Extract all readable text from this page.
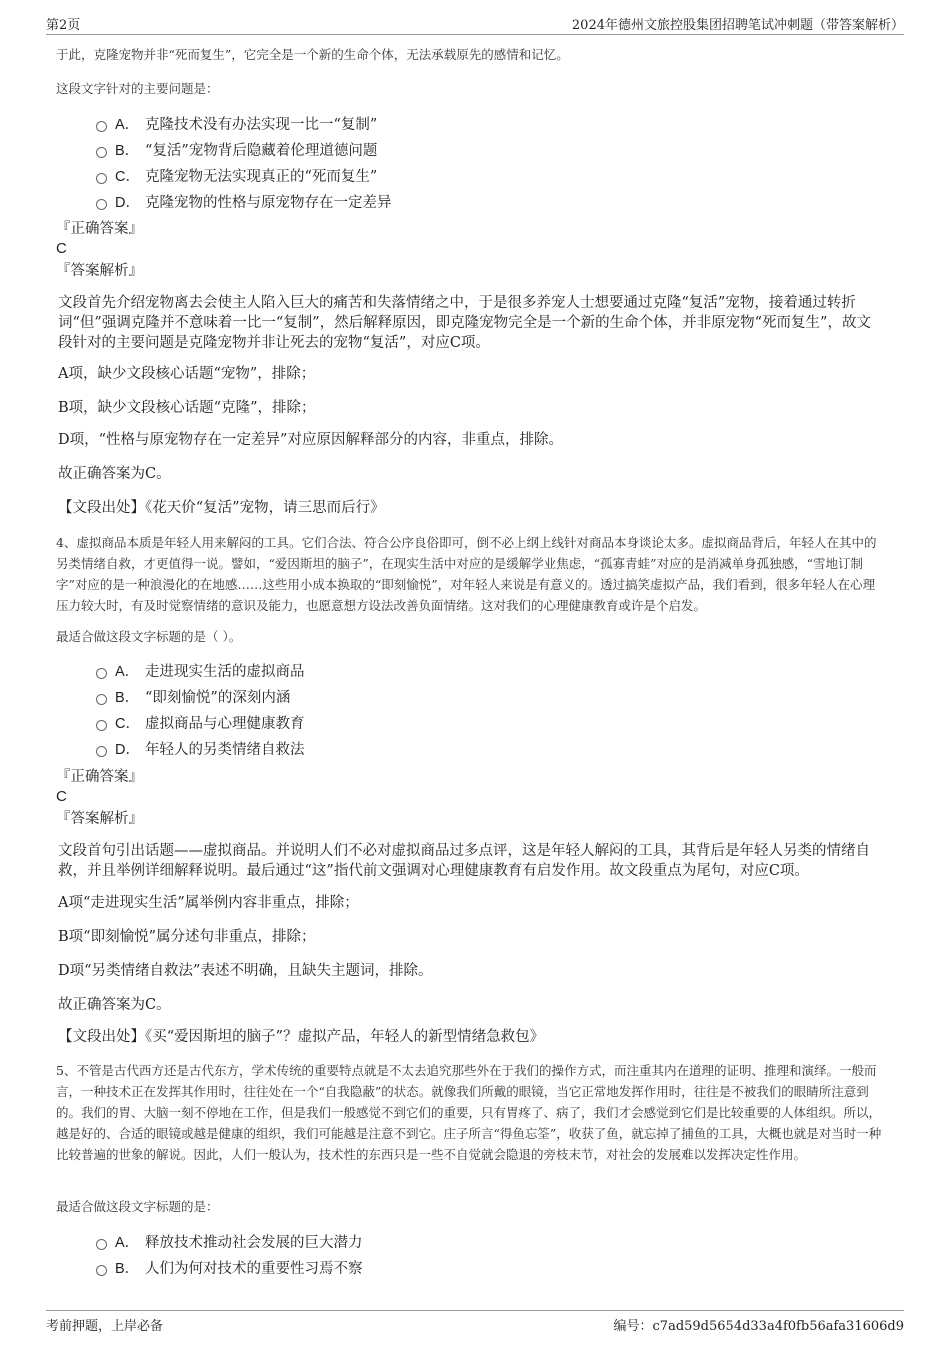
第2页	2024年德州文旅控股集团招聘笔试冲刺题（带答案解析）
于此，克隆宠物并非“死而复生”，它完全是一个新的生命个体，无法承载原先的感情和记忆。
这段文字针对的主要问题是：
A． 克隆技术没有办法实现一比一“复制”
B． “复活”宠物背后隐藏着伦理道德问题
C． 克隆宠物无法实现真正的“死而复生”
D． 克隆宠物的性格与原宠物存在一定差异
『正确答案』
C
『答案解析』
文段首先介绍宠物离去会使主人陷入巨大的痛苦和失落情绪之中，于是很多养宠人士想要通过克隆“复活”宠物，接着通过转折词“但”强调克隆并不意味着一比一“复制”，然后解释原因，即克隆宠物完全是一个新的生命个体，并非原宠物“死而复生”，故文段针对的主要问题是克隆宠物并非让死去的宠物“复活”，对应C项。
A项，缺少文段核心话题“宠物”，排除；
B项，缺少文段核心话题“克隆”，排除；
D项，“性格与原宠物存在一定差异”对应原因解释部分的内容，非重点，排除。
故正确答案为C。
【文段出处】《花天价“复活”宠物，请三思而后行》
4、虚拟商品本质是年轻人用来解闷的工具。它们合法、符合公序良俗即可，倒不必上纲上线针对商品本身谈论太多。虚拟商品背后，年轻人在其中的另类情绪自救，才更值得一说。譬如，“爱因斯坦的脑子”，在现实生活中对应的是缓解学业焦虑，“孤寡青蛙”对应的是消减单身孤独感，“雪地订制字”对应的是一种浪漫化的在地感……这些用小成本换取的“即刻愉悦”，对年轻人来说是有意义的。透过搞笑虚拟产品，我们看到，很多年轻人在心理压力较大时，有及时觉察情绪的意识及能力，也愿意想方设法改善负面情绪。这对我们的心理健康教育或许是个启发。
最适合做这段文字标题的是（ ）。
A． 走进现实生活的虚拟商品
B． “即刻愉悦”的深刻内涵
C． 虚拟商品与心理健康教育
D． 年轻人的另类情绪自救法
『正确答案』
C
『答案解析』
文段首句引出话题——虚拟商品。并说明人们不必对虚拟商品过多点评，这是年轻人解闷的工具，其背后是年轻人另类的情绪自救，并且举例详细解释说明。最后通过“这”指代前文强调对心理健康教育有启发作用。故文段重点为尾句，对应C项。
A项“走进现实生活”属举例内容非重点，排除；
B项“即刻愉悦”属分述句非重点，排除；
D项“另类情绪自救法”表述不明确，且缺失主题词，排除。
故正确答案为C。
【文段出处】《买“爱因斯坦的脑子”？虚拟产品，年轻人的新型情绪急救包》
5、不管是古代西方还是古代东方，学术传统的重要特点就是不太去追究那些外在于我们的操作方式，而注重其内在道理的证明、推理和演绎。一般而言，一种技术正在发挥其作用时，往往处在一个“自我隐蔽”的状态。就像我们所戴的眼镜，当它正常地发挥作用时，往往是不被我们的眼睛所注意到的。我们的胃、大脑一刻不停地在工作，但是我们一般感觉不到它们的重要，只有胃疼了、病了，我们才会感觉到它们是比较重要的人体组织。所以，越是好的、合适的眼镜或越是健康的组织，我们可能越是注意不到它。庄子所言“得鱼忘筌”，收获了鱼，就忘掉了捕鱼的工具，大概也就是对当时一种比较普遍的世象的解说。因此，人们一般认为，技术性的东西只是一些不自觉就会隐退的旁枝末节，对社会的发展难以发挥决定性作用。
最适合做这段文字标题的是：
A． 释放技术推动社会发展的巨大潜力
B． 人们为何对技术的重要性习焉不察
考前押题，上岸必备	编号：c7ad59d5654d33a4f0fb56afa31606d9
